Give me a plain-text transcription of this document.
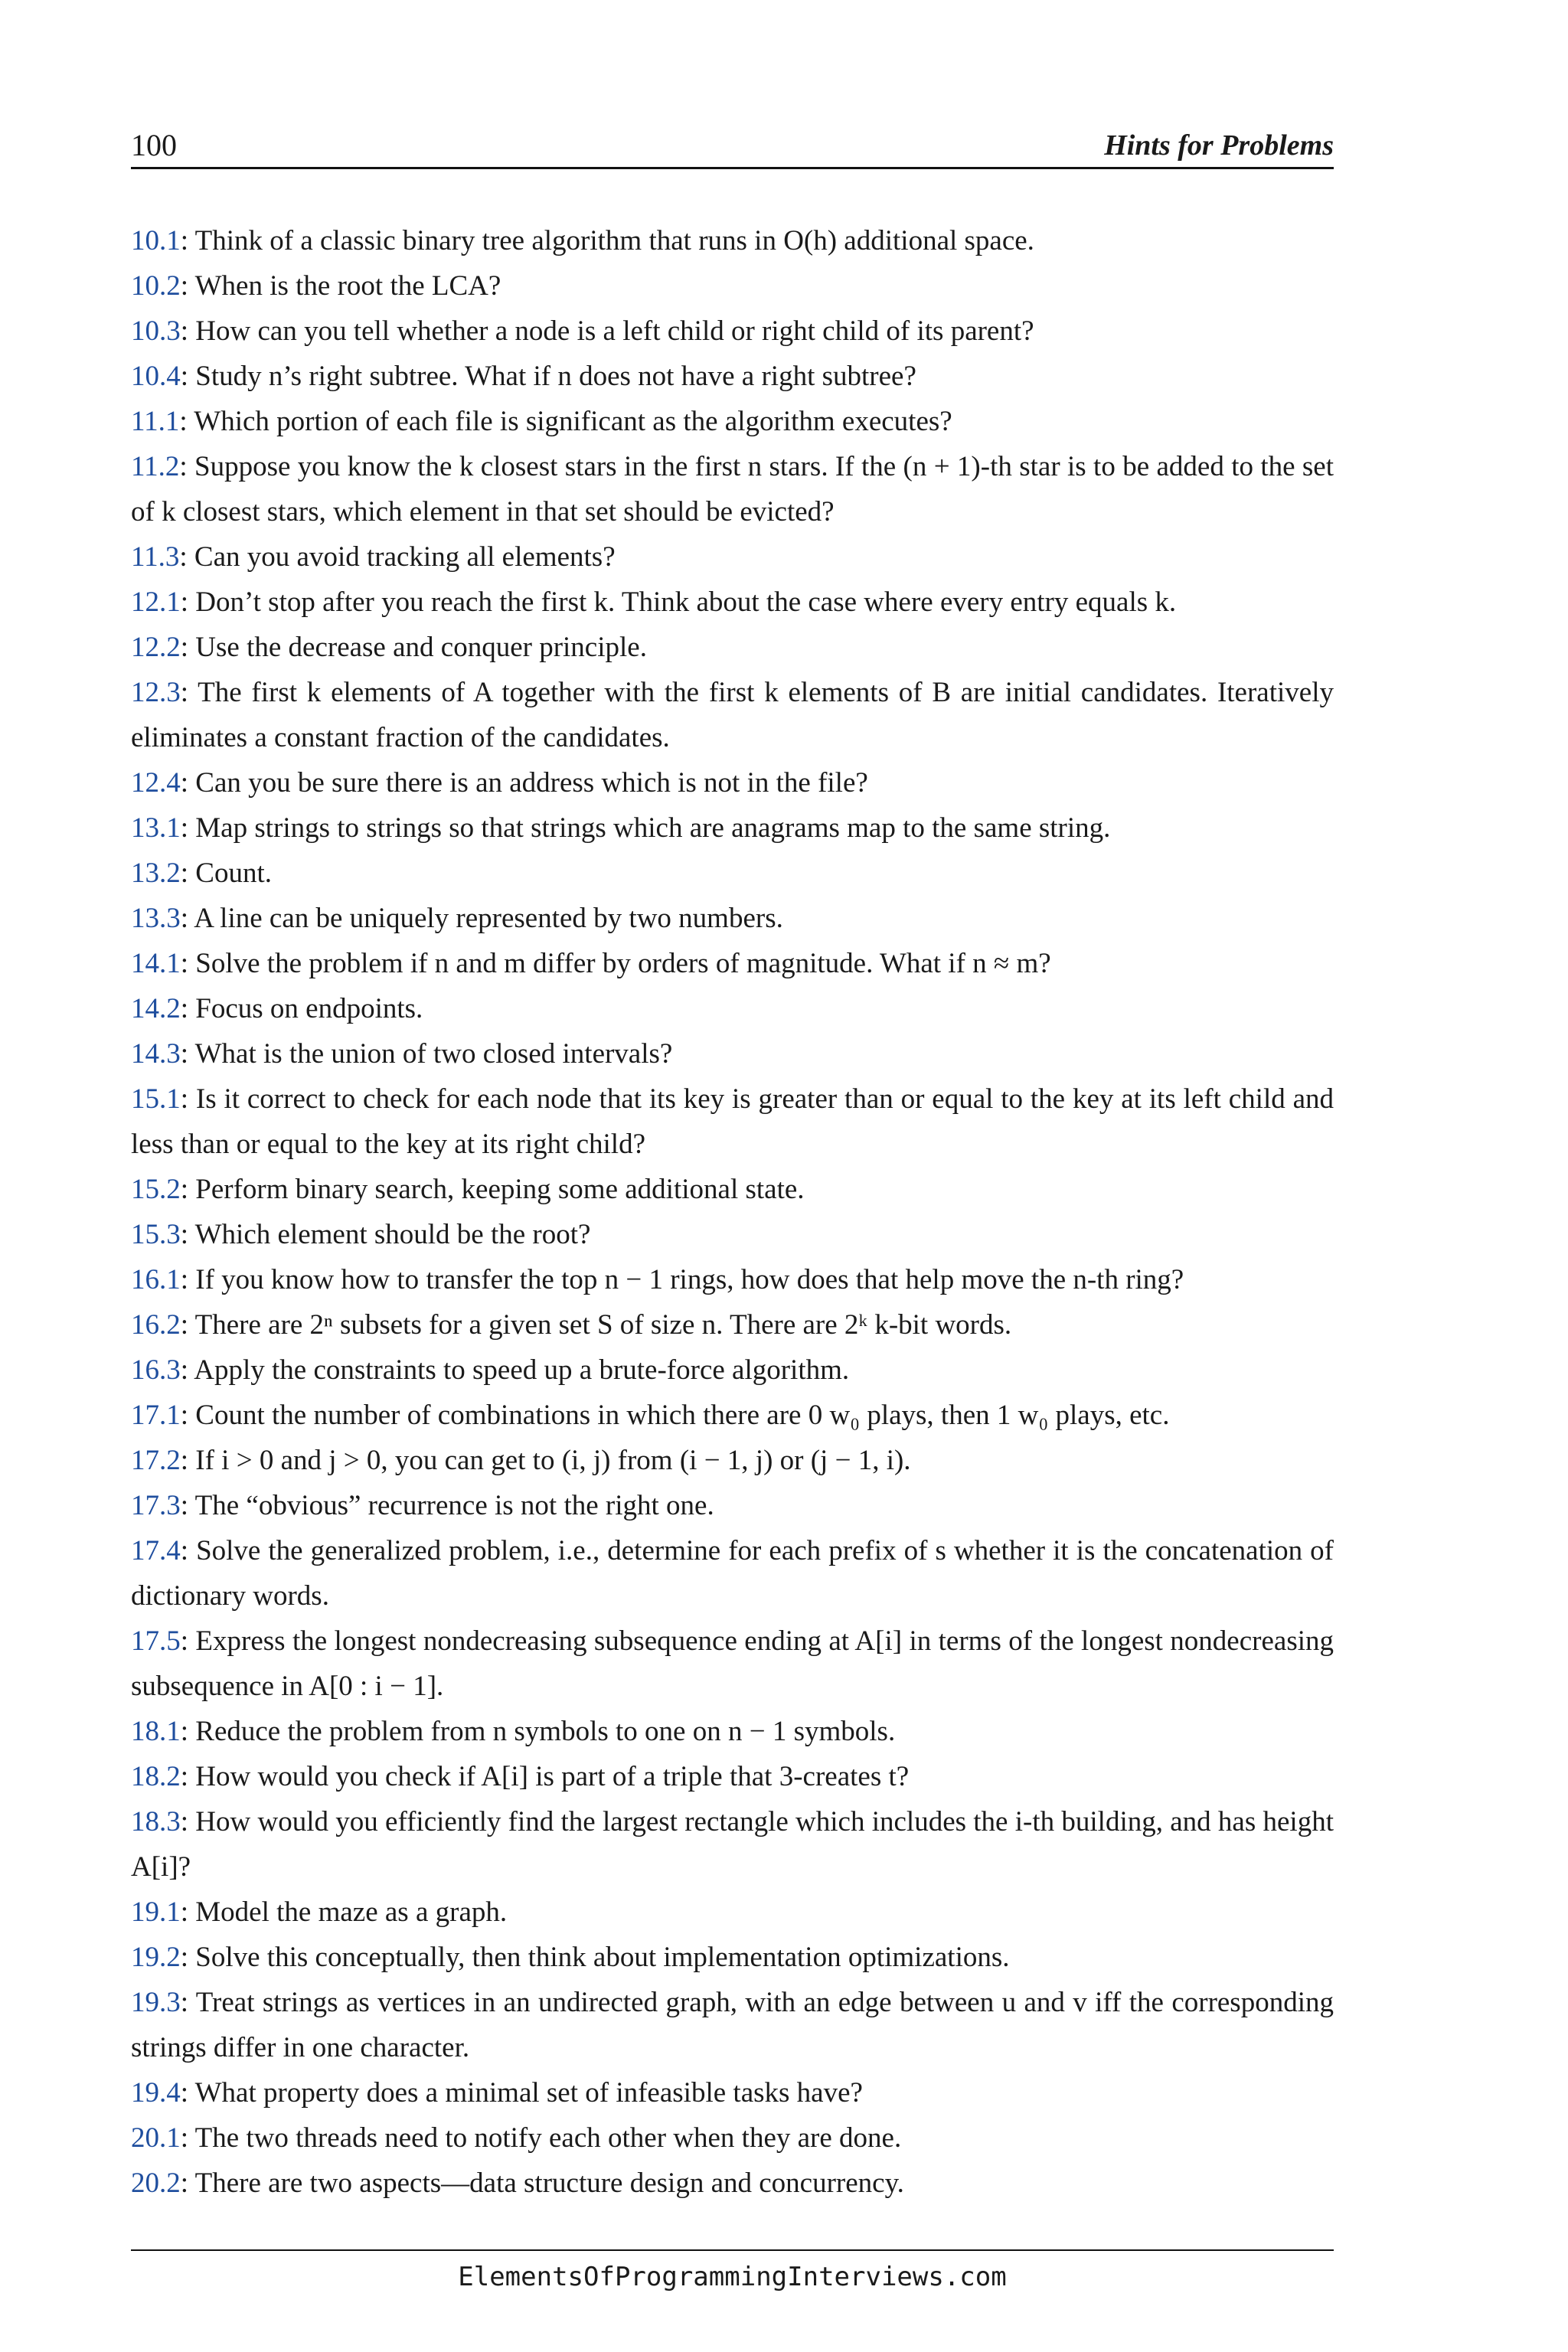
100	Hints for Problems

10.1: Think of a classic binary tree algorithm that runs in O(h) additional space.

10.2: When is the root the LCA?

10.3: How can you tell whether a node is a left child or right child of its parent?

10.4: Study n’s right subtree. What if n does not have a right subtree?

11.1: Which portion of each file is significant as the algorithm executes?

11.2: Suppose you know the k closest stars in the first n stars. If the (n + 1)-th star is to be added to the set of k closest stars, which element in that set should be evicted?

11.3: Can you avoid tracking all elements?

12.1: Don’t stop after you reach the first k. Think about the case where every entry equals k.

12.2: Use the decrease and conquer principle.

12.3: The first k elements of A together with the first k elements of B are initial candidates. Iteratively eliminates a constant fraction of the candidates.

12.4: Can you be sure there is an address which is not in the file?

13.1: Map strings to strings so that strings which are anagrams map to the same string.

13.2: Count.

13.3: A line can be uniquely represented by two numbers.

14.1: Solve the problem if n and m differ by orders of magnitude. What if n ≈ m?

14.2: Focus on endpoints.

14.3: What is the union of two closed intervals?

15.1: Is it correct to check for each node that its key is greater than or equal to the key at its left child and less than or equal to the key at its right child?

15.2: Perform binary search, keeping some additional state.

15.3: Which element should be the root?

16.1: If you know how to transfer the top n − 1 rings, how does that help move the n-th ring?

16.2: There are 2ⁿ subsets for a given set S of size n. There are 2ᵏ k-bit words.

16.3: Apply the constraints to speed up a brute-force algorithm.

17.1: Count the number of combinations in which there are 0 w₀ plays, then 1 w₀ plays, etc.

17.2: If i > 0 and j > 0, you can get to (i, j) from (i − 1, j) or (j − 1, i).

17.3: The “obvious” recurrence is not the right one.

17.4: Solve the generalized problem, i.e., determine for each prefix of s whether it is the concatenation of dictionary words.

17.5: Express the longest nondecreasing subsequence ending at A[i] in terms of the longest nondecreasing subsequence in A[0 : i − 1].

18.1: Reduce the problem from n symbols to one on n − 1 symbols.

18.2: How would you check if A[i] is part of a triple that 3-creates t?

18.3: How would you efficiently find the largest rectangle which includes the i-th building, and has height A[i]?

19.1: Model the maze as a graph.

19.2: Solve this conceptually, then think about implementation optimizations.

19.3: Treat strings as vertices in an undirected graph, with an edge between u and v iff the corresponding strings differ in one character.

19.4: What property does a minimal set of infeasible tasks have?

20.1: The two threads need to notify each other when they are done.

20.2: There are two aspects—data structure design and concurrency.

ElementsOfProgrammingInterviews.com
